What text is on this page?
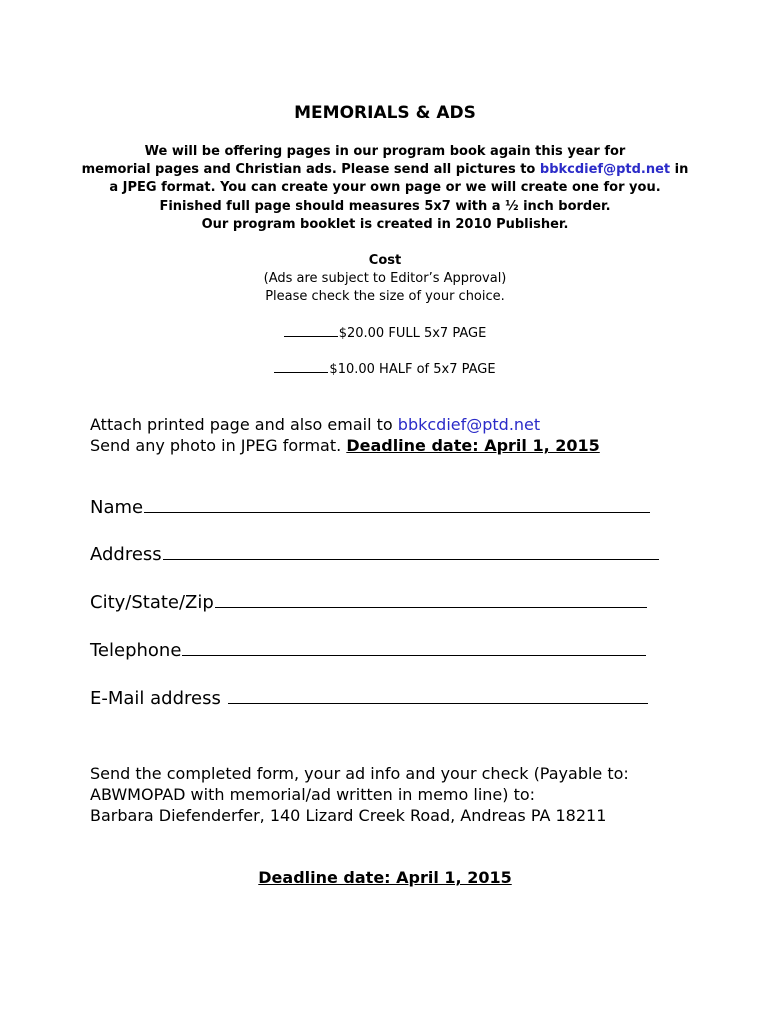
MEMORIALS & ADS
We will be offering pages in our program book again this year for
memorial pages and Christian ads. Please send all pictures to bbkcdief@ptd.net in
a JPEG format. You can create your own page or we will create one for you.
Finished full page should measures 5x7 with a ½ inch border.
Our program booklet is created in 2010 Publisher.
Cost
(Ads are subject to Editor’s Approval)
Please check the size of your choice.
$20.00 FULL 5x7 PAGE
$10.00 HALF of 5x7 PAGE
Attach printed page and also email to bbkcdief@ptd.net
Send any photo in JPEG format. Deadline date: April 1, 2015
Name
Address
City/State/Zip
Telephone
E-Mail address
Send the completed form, your ad info and your check (Payable to:
ABWMOPAD with memorial/ad written in memo line) to:
Barbara Diefenderfer, 140 Lizard Creek Road, Andreas PA 18211
Deadline date: April 1, 2015
